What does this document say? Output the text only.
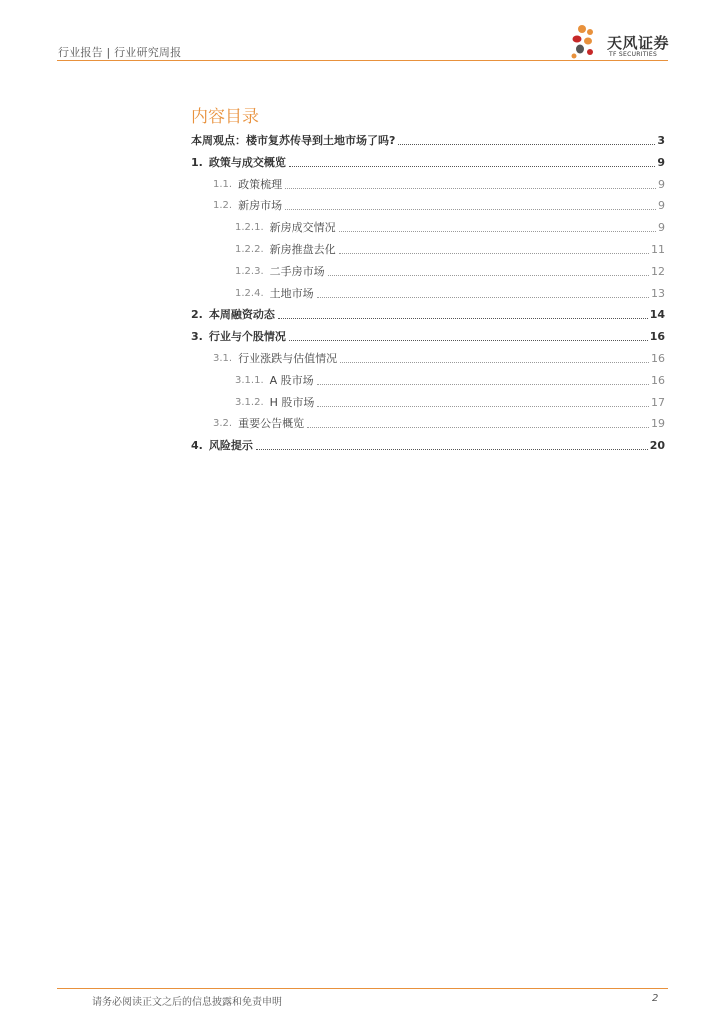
行业报告 | 行业研究周报
天风证券
TF SECURITIES
内容目录
本周观点：楼市复苏传导到土地市场了吗?	3
1. 政策与成交概览	9
1.1. 政策梳理	9
1.2. 新房市场	9
1.2.1. 新房成交情况	9
1.2.2. 新房推盘去化	11
1.2.3. 二手房市场	12
1.2.4. 土地市场	13
2. 本周融资动态	14
3. 行业与个股情况	16
3.1. 行业涨跌与估值情况	16
3.1.1. A 股市场	16
3.1.2. H 股市场	17
3.2. 重要公告概览	19
4. 风险提示	20
请务必阅读正文之后的信息披露和免责申明	2
